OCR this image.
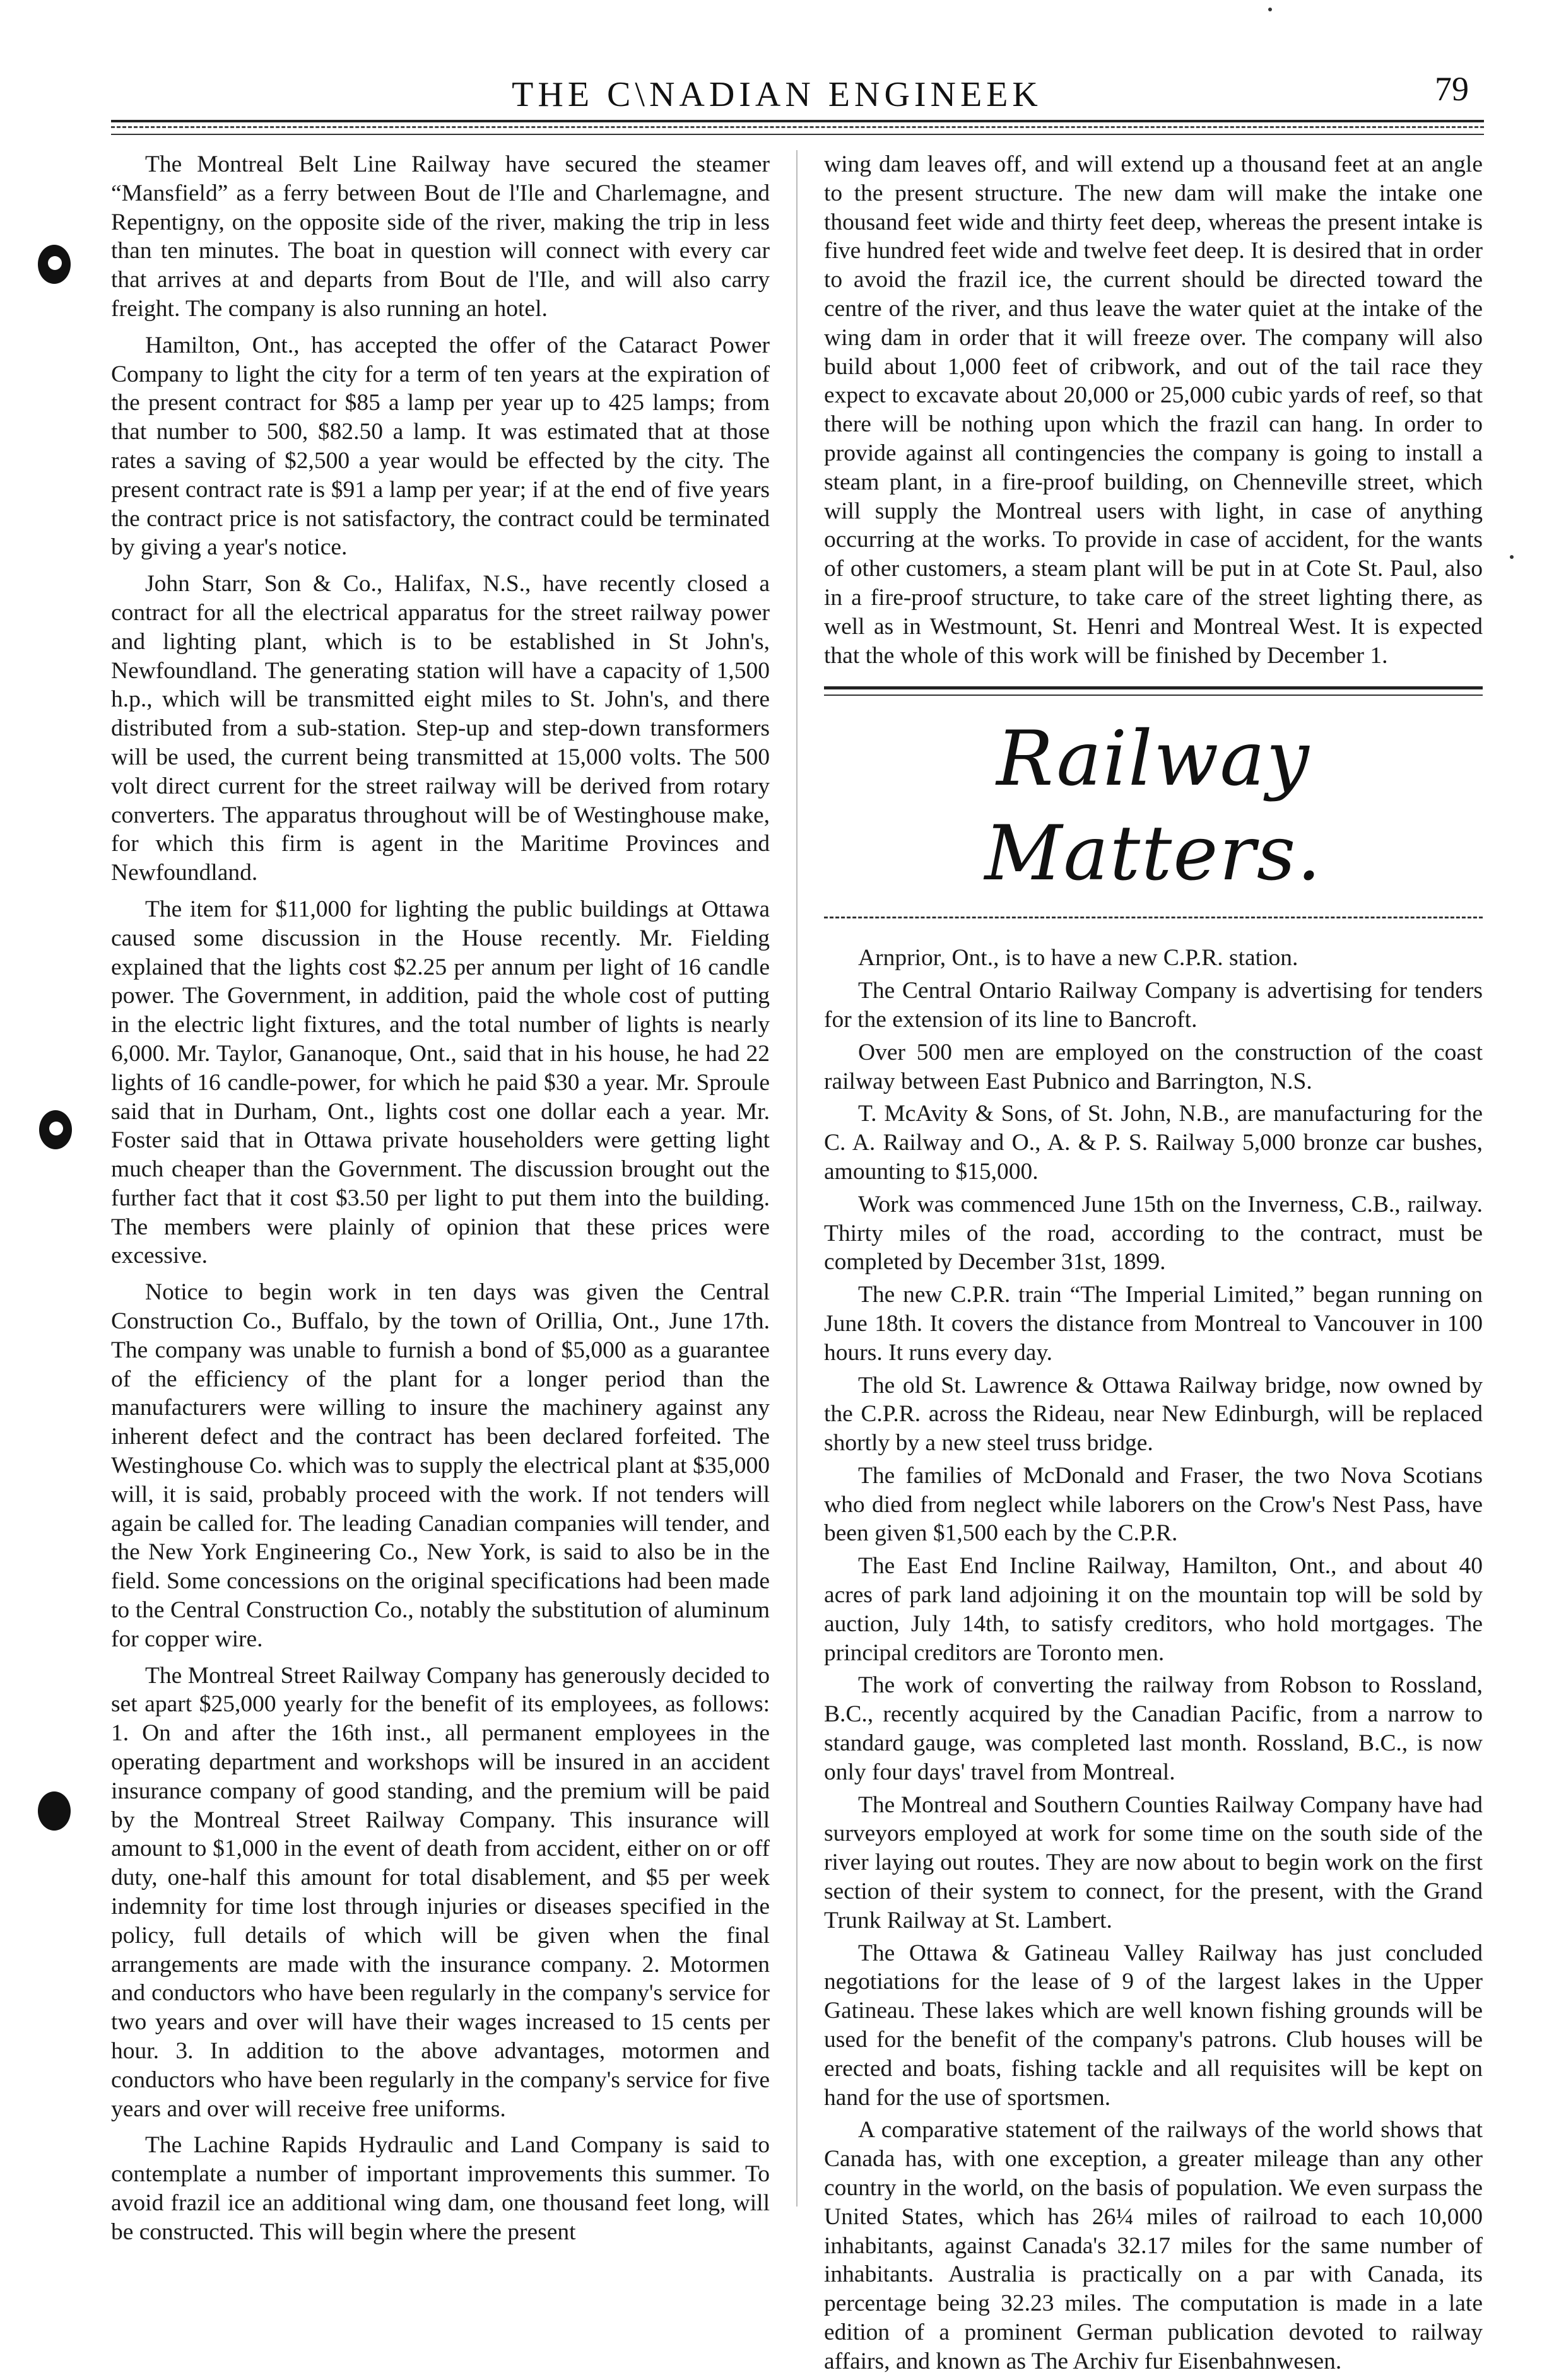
THE C\NADIAN ENGINEEK	79

The Montreal Belt Line Railway have secured the steamer “Mansfield” as a ferry between Bout de l'Ile and Charlemagne, and Repentigny, on the opposite side of the river, making the trip in less than ten minutes. The boat in question will connect with every car that arrives at and departs from Bout de l'Ile, and will also carry freight. The company is also running an hotel.

Hamilton, Ont., has accepted the offer of the Cataract Power Company to light the city for a term of ten years at the expiration of the present contract for $85 a lamp per year up to 425 lamps; from that number to 500, $82.50 a lamp. It was estimated that at those rates a saving of $2,500 a year would be effected by the city. The present contract rate is $91 a lamp per year; if at the end of five years the contract price is not satisfactory, the contract could be terminated by giving a year's notice.

John Starr, Son & Co., Halifax, N.S., have recently closed a contract for all the electrical apparatus for the street railway power and lighting plant, which is to be established in St John's, Newfoundland. The generating station will have a capacity of 1,500 h.p., which will be transmitted eight miles to St. John's, and there distributed from a sub-station. Step-up and step-down transformers will be used, the current being transmitted at 15,000 volts. The 500 volt direct current for the street railway will be derived from rotary converters. The apparatus throughout will be of Westinghouse make, for which this firm is agent in the Maritime Provinces and Newfoundland.

The item for $11,000 for lighting the public buildings at Ottawa caused some discussion in the House recently. Mr. Fielding explained that the lights cost $2.25 per annum per light of 16 candle power. The Government, in addition, paid the whole cost of putting in the electric light fixtures, and the total number of lights is nearly 6,000. Mr. Taylor, Gananoque, Ont., said that in his house, he had 22 lights of 16 candle-power, for which he paid $30 a year. Mr. Sproule said that in Durham, Ont., lights cost one dollar each a year. Mr. Foster said that in Ottawa private householders were getting light much cheaper than the Government. The discussion brought out the further fact that it cost $3.50 per light to put them into the building. The members were plainly of opinion that these prices were excessive.

Notice to begin work in ten days was given the Central Construction Co., Buffalo, by the town of Orillia, Ont., June 17th. The company was unable to furnish a bond of $5,000 as a guarantee of the efficiency of the plant for a longer period than the manufacturers were willing to insure the machinery against any inherent defect and the contract has been declared forfeited. The Westinghouse Co. which was to supply the electrical plant at $35,000 will, it is said, probably proceed with the work. If not tenders will again be called for. The leading Canadian companies will tender, and the New York Engineering Co., New York, is said to also be in the field. Some concessions on the original specifications had been made to the Central Construction Co., notably the substitution of aluminum for copper wire.

The Montreal Street Railway Company has generously decided to set apart $25,000 yearly for the benefit of its employees, as follows: 1. On and after the 16th inst., all permanent employees in the operating department and workshops will be insured in an accident insurance company of good standing, and the premium will be paid by the Montreal Street Railway Company. This insurance will amount to $1,000 in the event of death from accident, either on or off duty, one-half this amount for total disablement, and $5 per week indemnity for time lost through injuries or diseases specified in the policy, full details of which will be given when the final arrangements are made with the insurance company. 2. Motormen and conductors who have been regularly in the company's service for two years and over will have their wages increased to 15 cents per hour. 3. In addition to the above advantages, motormen and conductors who have been regularly in the company's service for five years and over will receive free uniforms.

The Lachine Rapids Hydraulic and Land Company is said to contemplate a number of important improvements this summer. To avoid frazil ice an additional wing dam, one thousand feet long, will be constructed. This will begin where the present

wing dam leaves off, and will extend up a thousand feet at an angle to the present structure. The new dam will make the intake one thousand feet wide and thirty feet deep, whereas the present intake is five hundred feet wide and twelve feet deep. It is desired that in order to avoid the frazil ice, the current should be directed toward the centre of the river, and thus leave the water quiet at the intake of the wing dam in order that it will freeze over. The company will also build about 1,000 feet of cribwork, and out of the tail race they expect to excavate about 20,000 or 25,000 cubic yards of reef, so that there will be nothing upon which the frazil can hang. In order to provide against all contingencies the company is going to install a steam plant, in a fire-proof building, on Chenneville street, which will supply the Montreal users with light, in case of anything occurring at the works. To provide in case of accident, for the wants of other customers, a steam plant will be put in at Cote St. Paul, also in a fire-proof structure, to take care of the street lighting there, as well as in Westmount, St. Henri and Montreal West. It is expected that the whole of this work will be finished by December 1.

Railway Matters.

Arnprior, Ont., is to have a new C.P.R. station.

The Central Ontario Railway Company is advertising for tenders for the extension of its line to Bancroft.

Over 500 men are employed on the construction of the coast railway between East Pubnico and Barrington, N.S.

T. McAvity & Sons, of St. John, N.B., are manufacturing for the C. A. Railway and O., A. & P. S. Railway 5,000 bronze car bushes, amounting to $15,000.

Work was commenced June 15th on the Inverness, C.B., railway. Thirty miles of the road, according to the contract, must be completed by December 31st, 1899.

The new C.P.R. train “The Imperial Limited,” began running on June 18th. It covers the distance from Montreal to Vancouver in 100 hours. It runs every day.

The old St. Lawrence & Ottawa Railway bridge, now owned by the C.P.R. across the Rideau, near New Edinburgh, will be replaced shortly by a new steel truss bridge.

The families of McDonald and Fraser, the two Nova Scotians who died from neglect while laborers on the Crow's Nest Pass, have been given $1,500 each by the C.P.R.

The East End Incline Railway, Hamilton, Ont., and about 40 acres of park land adjoining it on the mountain top will be sold by auction, July 14th, to satisfy creditors, who hold mortgages. The principal creditors are Toronto men.

The work of converting the railway from Robson to Rossland, B.C., recently acquired by the Canadian Pacific, from a narrow to standard gauge, was completed last month. Rossland, B.C., is now only four days' travel from Montreal.

The Montreal and Southern Counties Railway Company have had surveyors employed at work for some time on the south side of the river laying out routes. They are now about to begin work on the first section of their system to connect, for the present, with the Grand Trunk Railway at St. Lambert.

The Ottawa & Gatineau Valley Railway has just concluded negotiations for the lease of 9 of the largest lakes in the Upper Gatineau. These lakes which are well known fishing grounds will be used for the benefit of the company's patrons. Club houses will be erected and boats, fishing tackle and all requisites will be kept on hand for the use of sportsmen.

A comparative statement of the railways of the world shows that Canada has, with one exception, a greater mileage than any other country in the world, on the basis of population. We even surpass the United States, which has 26¼ miles of railroad to each 10,000 inhabitants, against Canada's 32.17 miles for the same number of inhabitants. Australia is practically on a par with Canada, its percentage being 32.23 miles. The computation is made in a late edition of a prominent German publication devoted to railway affairs, and known as The Archiv fur Eisenbahnwesen.
